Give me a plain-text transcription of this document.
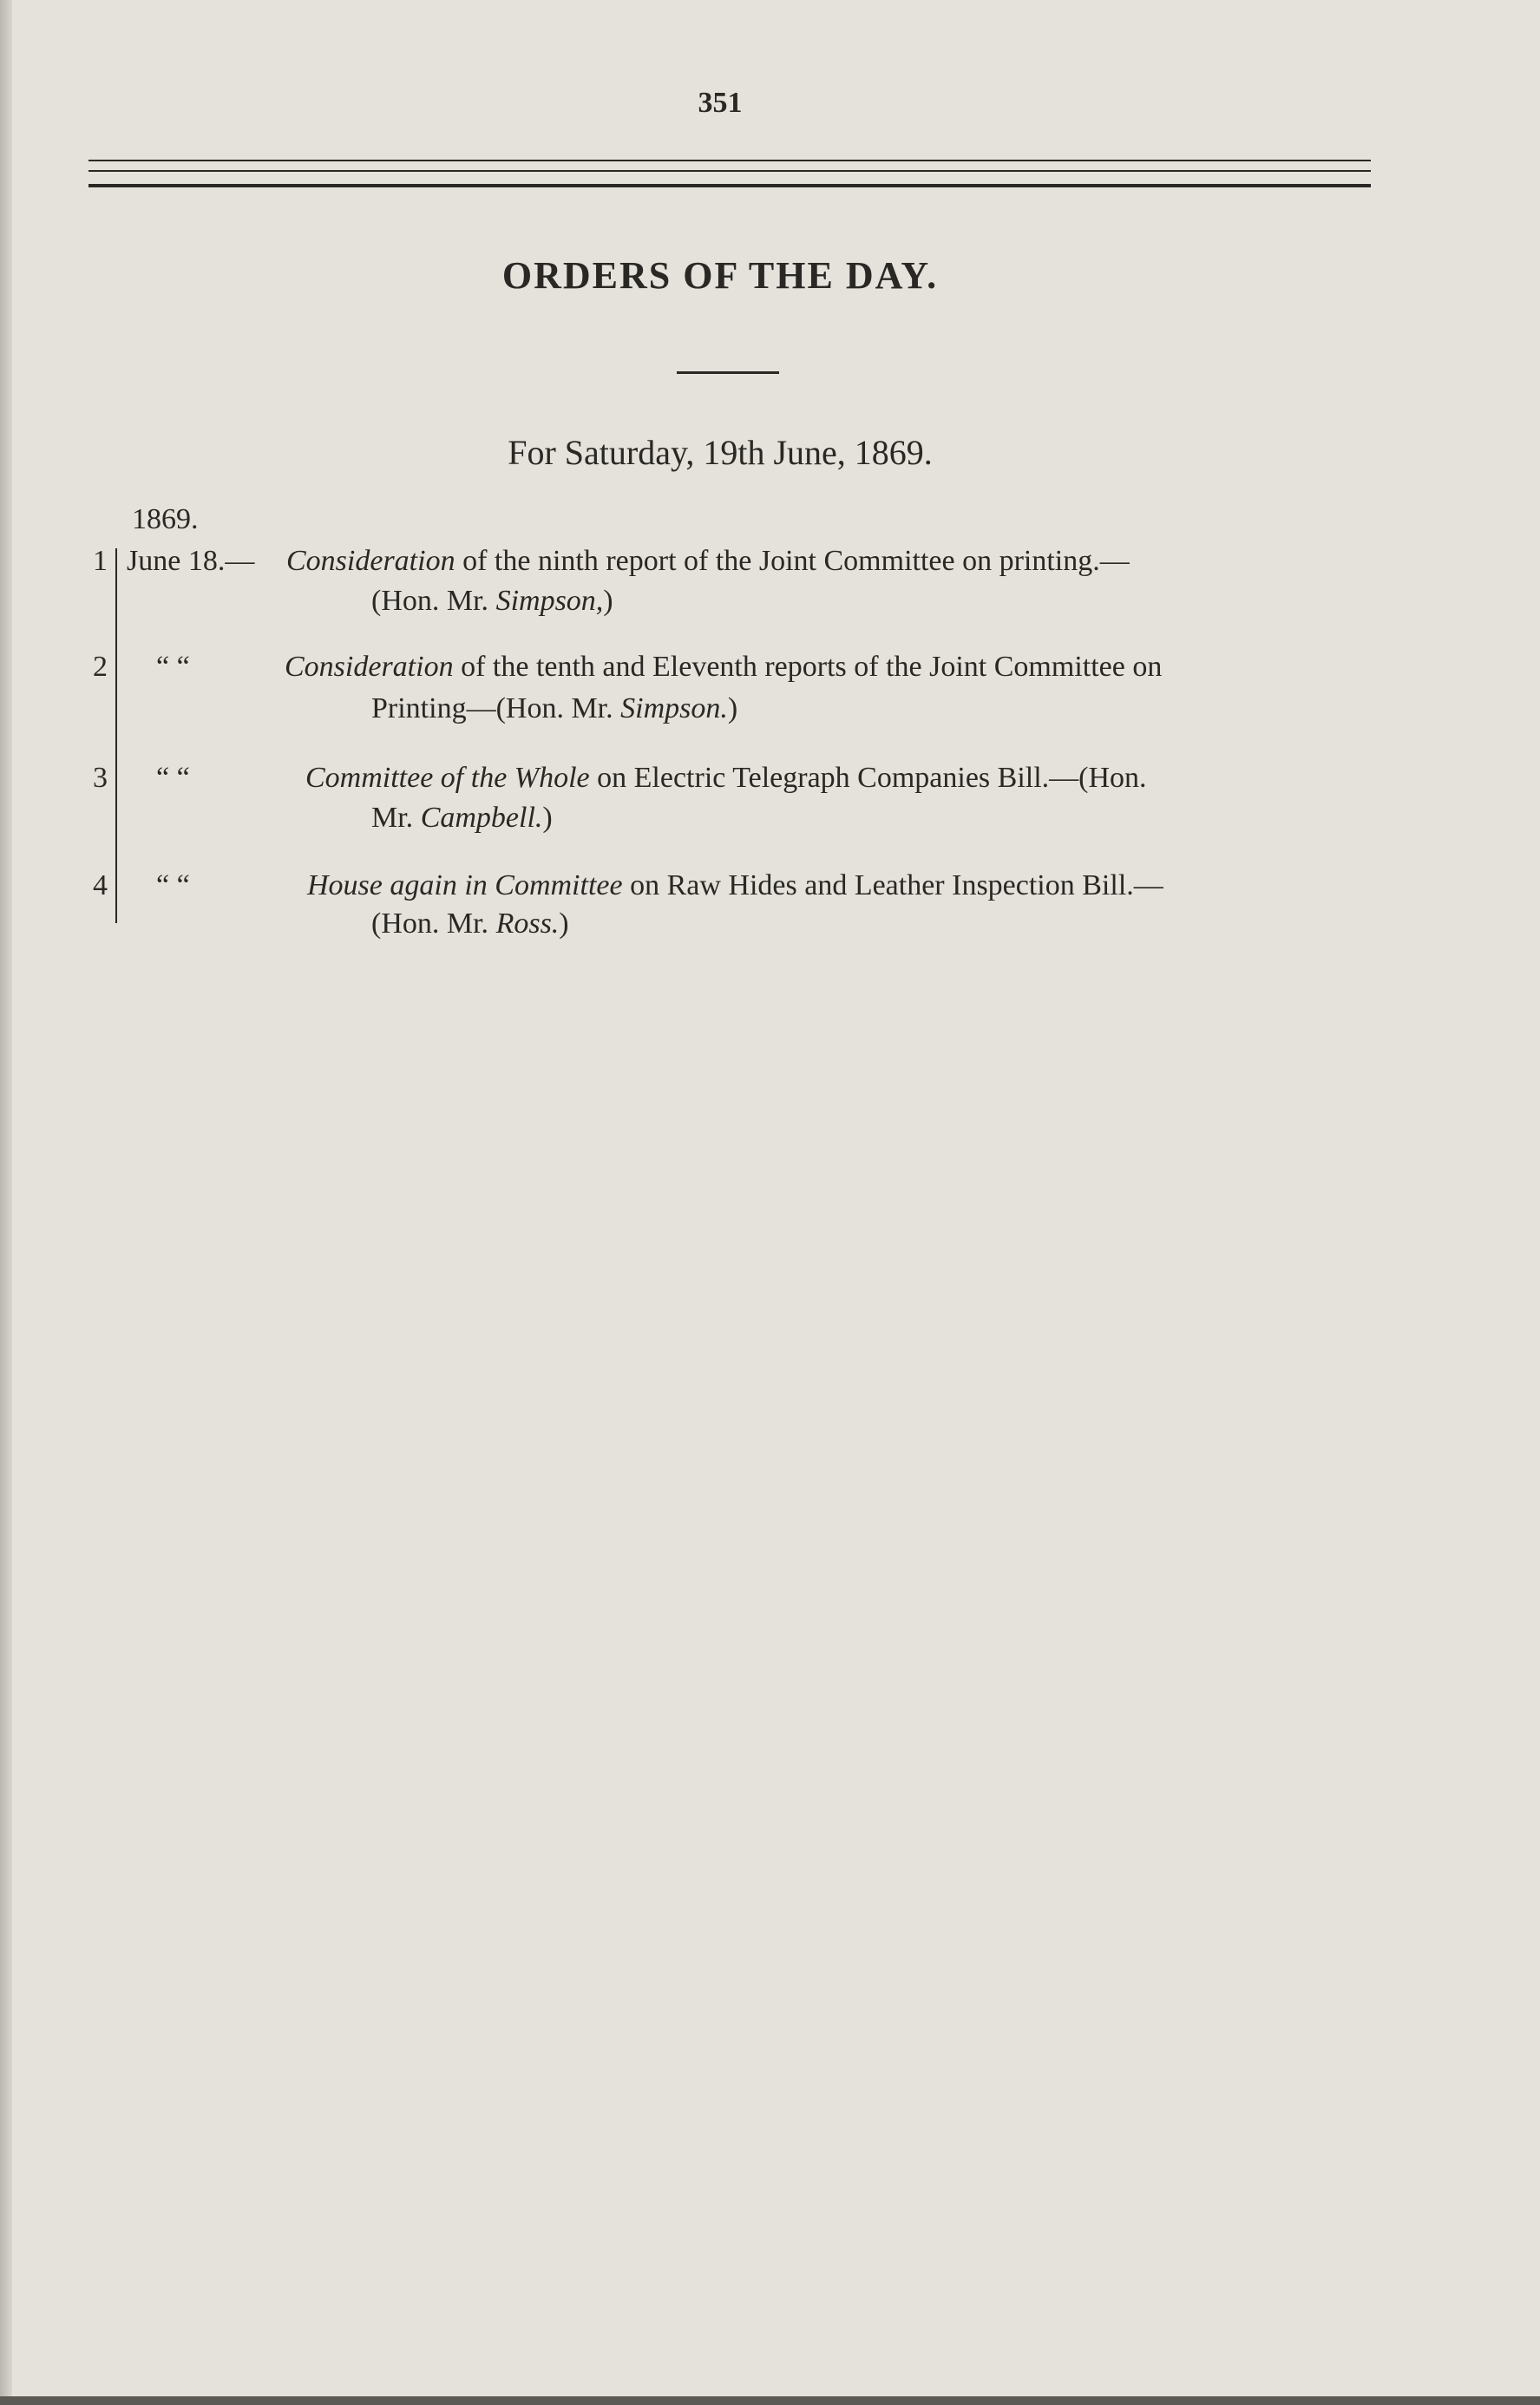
351
ORDERS OF THE DAY.
For Saturday, 19th June, 1869.
1869.
1 June 18.— Consideration of the ninth report of the Joint Committee on printing.—
(Hon. Mr. Simpson,)
2 “ “	Consideration of the tenth and Eleventh reports of the Joint Committee on
Printing—(Hon. Mr. Simpson.)
3 “ “	Committee of the Whole on Electric Telegraph Companies Bill.—(Hon.
Mr. Campbell.)
4 “ “	House again in Committee on Raw Hides and Leather Inspection Bill.—
(Hon. Mr. Ross.)
